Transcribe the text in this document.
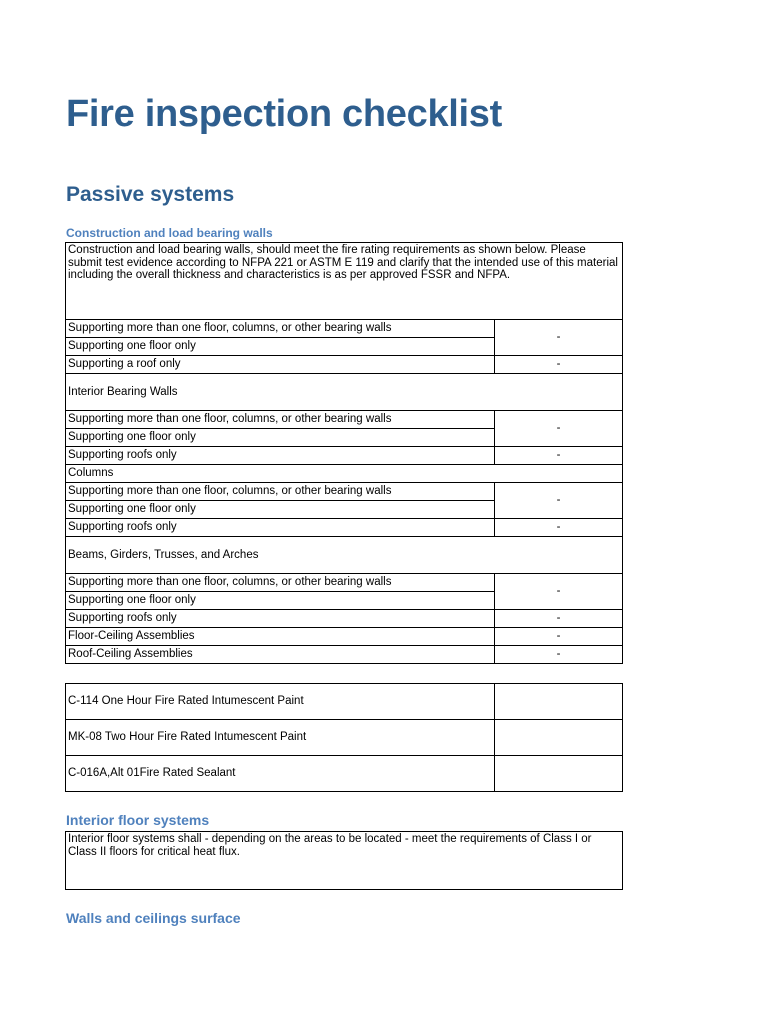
Fire inspection checklist
Passive systems
Construction and load bearing walls
Construction and load bearing walls, should meet the fire rating requirements as shown below. Please submit test evidence according to NFPA 221 or ASTM E 119 and clarify that the intended use of this material including the overall thickness and characteristics is as per approved FSSR and NFPA.	
Supporting more than one floor, columns, or other bearing walls	-
Supporting one floor only	
Supporting a roof only	-
Interior Bearing Walls	
Supporting more than one floor, columns, or other bearing walls	-
Supporting one floor only	
Supporting roofs only	-
Columns	
Supporting more than one floor, columns, or other bearing walls	-
Supporting one floor only	
Supporting roofs only	-
Beams, Girders, Trusses, and Arches	
Supporting more than one floor, columns, or other bearing walls	-
Supporting one floor only	
Supporting roofs only	-
Floor-Ceiling Assemblies	-
Roof-Ceiling Assemblies	-
C-114 One Hour Fire Rated Intumescent Paint	
MK-08 Two Hour Fire Rated Intumescent Paint	
C-016A,Alt 01Fire Rated Sealant	
Interior floor systems
Interior floor systems shall - depending on the areas to be located - meet the requirements of Class I or Class II floors for critical heat flux.
Walls and ceilings surface
